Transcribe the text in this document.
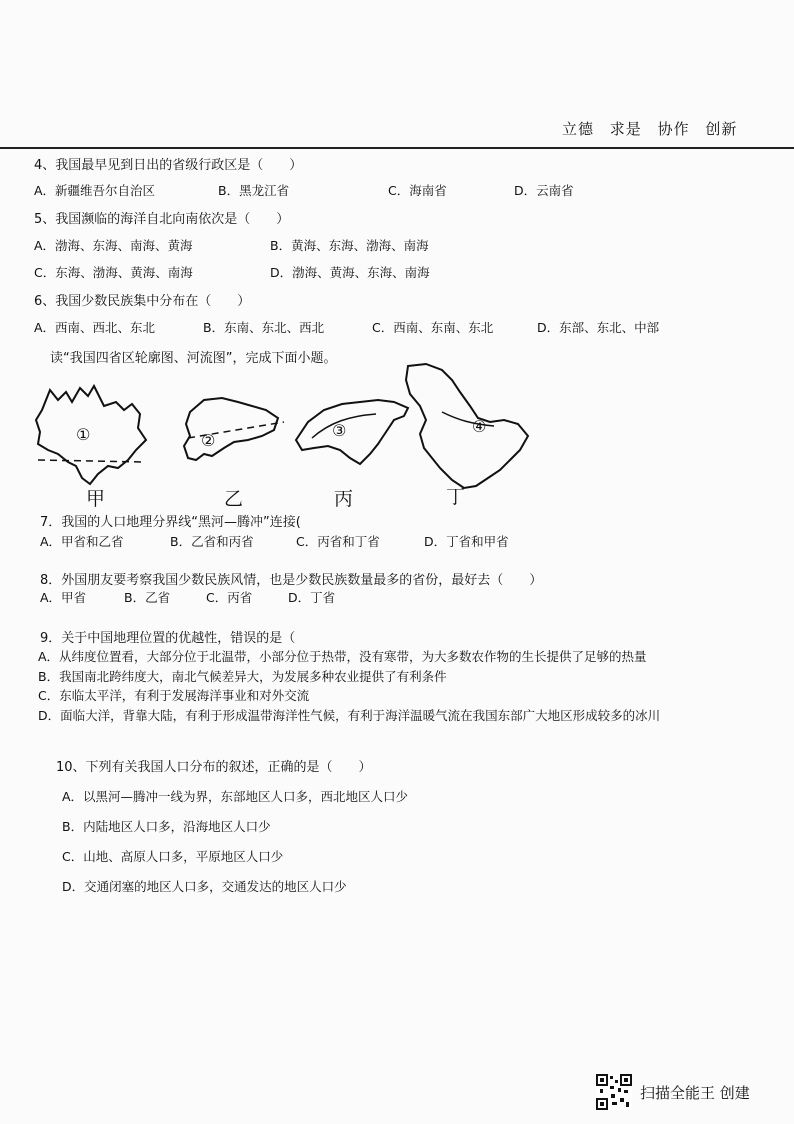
立德 求是 协作 创新
4、我国最早见到日出的省级行政区是（　　）
A．新疆维吾尔自治区	B．黑龙江省	C．海南省	D．云南省
5、我国濒临的海洋自北向南依次是（　　）
A．渤海、东海、南海、黄海	B．黄海、东海、渤海、南海
C．东海、渤海、黄海、南海	D．渤海、黄海、东海、南海
6、我国少数民族集中分布在（　　）
A．西南、西北、东北	B．东南、东北、西北	C．西南、东南、东北	D．东部、东北、中部
读“我国四省区轮廓图、河流图”，完成下面小题。
①	②
③	④
甲	乙	丙	丁
7．我国的人口地理分界线“黑河—腾冲”连接(
A．甲省和乙省	B．乙省和丙省	C．丙省和丁省	D．丁省和甲省
8．外国朋友要考察我国少数民族风情，也是少数民族数量最多的省份，最好去（　　）
A．甲省	B．乙省	C．丙省	D．丁省
9．关于中国地理位置的优越性，错误的是（
A．从纬度位置看，大部分位于北温带，小部分位于热带，没有寒带，为大多数农作物的生长提供了足够的热量
B．我国南北跨纬度大，南北气候差异大，为发展多种农业提供了有利条件
C．东临太平洋，有利于发展海洋事业和对外交流
D．面临大洋，背靠大陆，有利于形成温带海洋性气候，有利于海洋温暖气流在我国东部广大地区形成较多的冰川
10、下列有关我国人口分布的叙述，正确的是（　　）
A．以黑河—腾冲一线为界，东部地区人口多，西北地区人口少
B．内陆地区人口多，沿海地区人口少
C．山地、高原人口多，平原地区人口少
D．交通闭塞的地区人口多，交通发达的地区人口少
扫描全能王 创建
